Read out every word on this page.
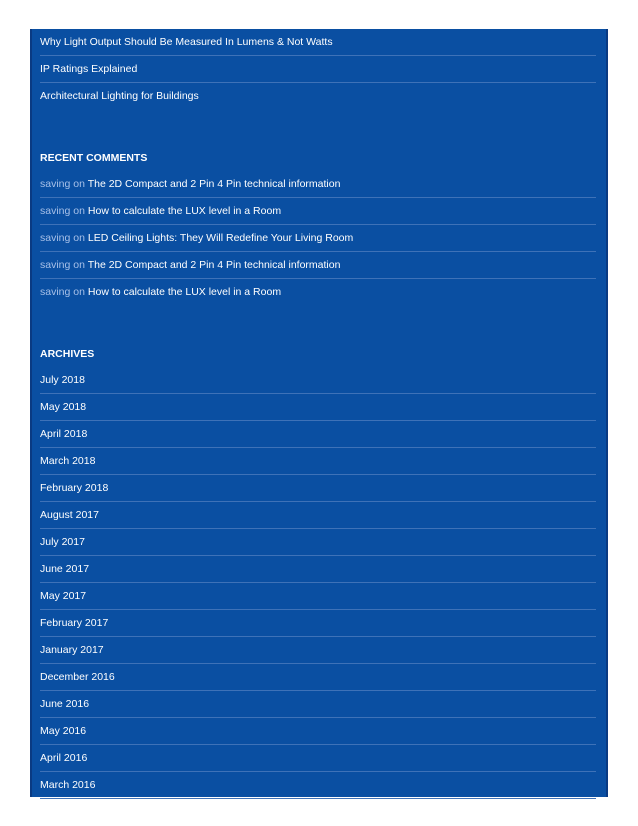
Why Light Output Should Be Measured In Lumens & Not Watts
IP Ratings Explained
Architectural Lighting for Buildings
RECENT COMMENTS
saving on The 2D Compact and 2 Pin 4 Pin technical information
saving on How to calculate the LUX level in a Room
saving on LED Ceiling Lights: They Will Redefine Your Living Room
saving on The 2D Compact and 2 Pin 4 Pin technical information
saving on How to calculate the LUX level in a Room
ARCHIVES
July 2018
May 2018
April 2018
March 2018
February 2018
August 2017
July 2017
June 2017
May 2017
February 2017
January 2017
December 2016
June 2016
May 2016
April 2016
March 2016
February 2016
